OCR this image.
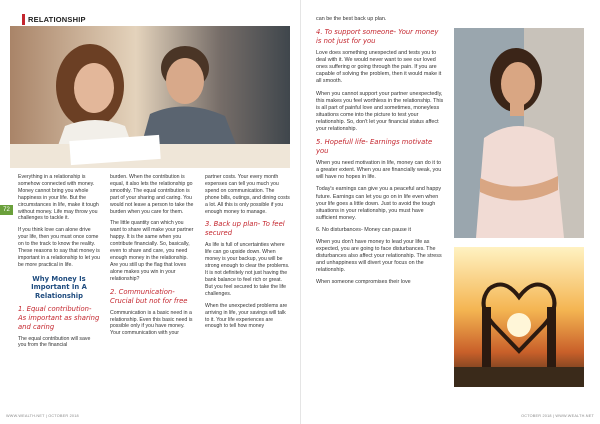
RELATIONSHIP
72

Everything in a relationship is somehow connected with money. Money cannot bring you whole happiness in your life. But the circumstances in life, make it tough without money. Life may throw you challenges to tackle it.

If you think love can alone drive your life, then you must once come on to the track to know the reality. These reasons to say that money is important in a relationship to let you be more practical in life.

Why Money Is Important In A Relationship
1. Equal contribution- As important as sharing and caring

The equal contribution will save you from the financial

burden. When the contribution is equal, it also lets the relationship go smoothly. The equal contribution is part of your sharing and caring. You would not leave a person to take the burden when you care for them.

The little quantity can which you want to share will make your partner happy. It is the same when you contribute financially. So, basically, even to share and care, you need enough money in the relationship. Are you still up the flag that loves alone makes you win in your relationship?

2. Communication- Crucial but not for free

Communication is a basic need in a relationship. Even this basic need is possible only if you have money. Your communication with your

partner costs. Your every month expenses can tell you much you spend on communication. The phone bills, outings, and dining costs a lot. All this is only possible if you enough money to manage.

3. Back up plan- To feel secured

As life is full of uncertainties where life can go upside down. When money is your backup, you will be strong enough to clear the problems. It is not definitely not just having the bank balance to feel rich or great. But you feel secured to take the life challenges.

When the unexpected problems are arriving in life, your savings will talk to it. Your life experiences are enough to tell how money

WWW.WEALTH.NET | OCTOBER 2018

can be the best back up plan.

4. To support someone- Your money is not just for you

Love does something unexpected and tests you to deal with it. We would never want to see our loved ones suffering or going through the pain. If you are capable of solving the problem, then it would make it all smooth.

When you cannot support your partner unexpectedly, this makes you feel worthless in the relationship. This is all part of painful love and sometimes, moneyless situations come into the picture to test your relationship. So, don't let your financial status affect your relationship.

5. Hopefull life- Earnings motivate you

When you need motivation in life, money can do it to a greater extent. When you are financially weak, you will have no hopes in life.

Today's earnings can give you a peaceful and happy future. Earnings can let you go on in life even when your life goes a little down. Just to avoid the tough situations in your relationship, you must have sufficient money.

6. No disturbances- Money can pause it

When you don't have money to lead your life as expected, you are going to face disturbances. The disturbances also affect your relationship. The stress and unhappiness will divert your focus on the relationship.

When someone compromises their love

OCTOBER 2018 | WWW.WEALTH.NET
